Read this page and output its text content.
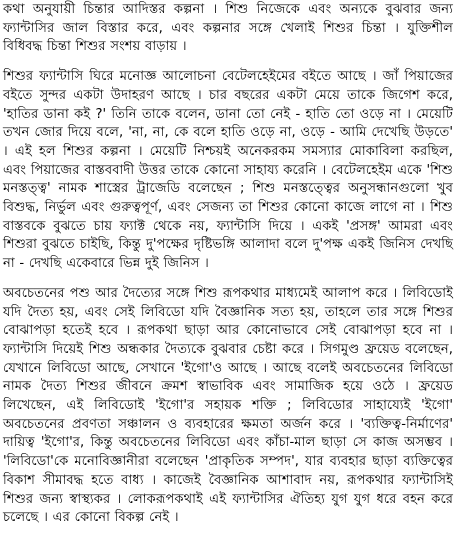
কথা অনুযায়ী চিন্তার আদিস্তর কল্পনা । শিশু নিজেকে এবং অন্যকে বুঝবার জন্য ফ্যান্টাসির জাল বিস্তার করে, এবং কল্পনার সঙ্গে খেলাই শিশুর চিন্তা । যুক্তিশীল বিধিবদ্ধ চিন্তা শিশুর সংশয় বাড়ায় ।

শিশুর ফ্যান্টাসি ঘিরে মনোজ্ঞ আলোচনা বেটেলহেইমের বইতে আছে । জাঁ পিয়াজের বইতে সুন্দর একটা উদাহরণ আছে । চার বছরের একটা মেয়ে তাকে জিগেশ করে, 'হাতির ডানা কই ?' তিনি তাকে বলেন, ডানা তো নেই - হাতি তো ওড়ে না । মেয়েটি তখন জোর দিয়ে বলে, 'না, না, কে বলে হাতি ওড়ে না, ওড়ে - আমি দেখেছি উড়তে' । এই হল শিশুর কল্পনা । মেয়েটি নিশ্চয়ই অনেকরকম সমস্যার মোকাবিলা করছিল, এবং পিয়াজের বাস্তববাদী উত্তর তাকে কোনো সাহায্য করেনি । বেটেলহেইম একে 'শিশু মনস্তত্ত্ব' নামক শাস্ত্রের ট্রাজেডি বলেছেন ; শিশু মনস্তত্ত্বের অনুসন্ধানগুলো খুব বিশুদ্ধ, নির্ভুল এবং গুরুত্বপূর্ণ, এবং সেজন্য তা শিশুর কোনো কাজে লাগে না । শিশু বাস্তবকে বুঝতে চায় ফ্যাক্ট থেকে নয়, ফ্যান্টাসি দিয়ে । একই 'প্রসঙ্গ' আমরা এবং শিশুরা বুঝতে চাইছি, কিন্তু দু'পক্ষের দৃষ্টিভঙ্গি আলাদা বলে দু'পক্ষ একই জিনিস দেখছি না - দেখছি একেবারে ভিন্ন দুই জিনিস ।

অবচেতনের পশু আর দৈত্যের সঙ্গে শিশু রূপকথার মাধ্যমেই আলাপ করে । লিবিডোই যদি দৈত্য হয়, এবং সেই লিবিডো যদি বৈজ্ঞানিক সত্য হয়, তাহলে তার সঙ্গে শিশুর বোঝাপড়া হতেই হবে । রূপকথা ছাড়া আর কোনোভাবে সেই বোঝাপড়া হবে না । ফ্যান্টাসি দিয়েই শিশু অন্ধকার দৈত্যকে বুঝবার চেষ্টা করে । সিগমুণ্ড ফ্রয়েড বলেছেন, যেখানে লিবিডো আছে, সেখানে 'ইগো'ও আছে । আছে বলেই অবচেতনের লিবিডো নামক দৈত্য শিশুর জীবনে ক্রমশ স্বাভাবিক এবং সামাজিক হয়ে ওঠে । ফ্রয়েড লিখেছেন, এই লিবিডোই 'ইগো'র সহায়ক শক্তি ; লিবিডোর সাহায্যেই 'ইগো' অবচেতনের প্রবণতা সঞ্চালন ও ব্যবহারের ক্ষমতা অর্জন করে । 'ব্যক্তিত্ব-নির্মাণের' দায়িত্ব 'ইগো'র, কিন্তু অবচেতনের লিবিডো এবং কাঁচা-মাল ছাড়া সে কাজ অসম্ভব । 'লিবিডো'কে মনোবিজ্ঞানীরা বলেছেন 'প্রাকৃতিক সম্পদ', যার ব্যবহার ছাড়া ব্যক্তিত্বের বিকাশ সীমাবদ্ধ হতে বাধ্য । কাজেই বৈজ্ঞানিক আশাবাদ নয়, রূপকথার ফ্যান্টাসিই শিশুর জন্য স্বাস্থ্যকর । লোকরূপকথাই এই ফ্যান্টাসির ঐতিহ্য যুগ যুগ ধরে বহন করে চলেছে । এর কোনো বিকল্প নেই ।
